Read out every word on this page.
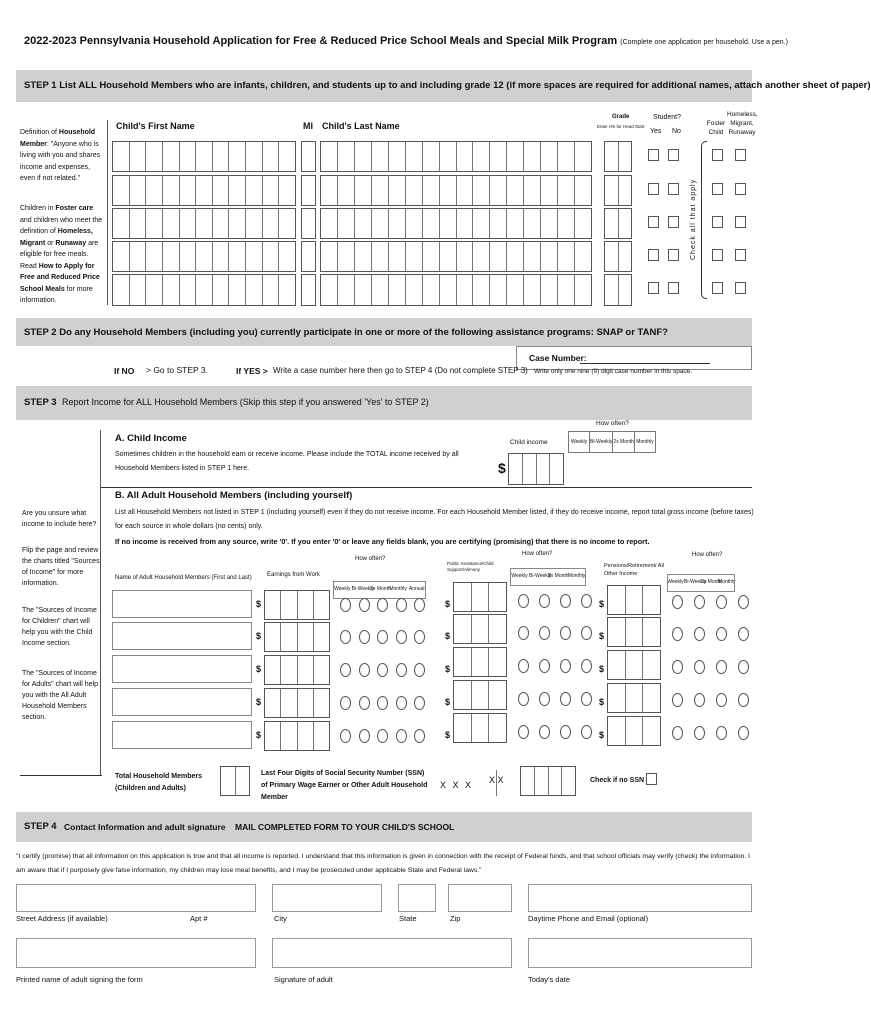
2022-2023 Pennsylvania Household Application for Free & Reduced Price School Meals and Special Milk Program (Complete one application per household. Use a pen.)
STEP 1 List ALL Household Members who are infants, children, and students up to and including grade 12 (if more spaces are required for additional names, attach another sheet of paper)
Definition of Household Member: "Anyone who is living with you and shares income and expenses, even if not related."
Children in Foster care and children who meet the definition of Homeless, Migrant or Runaway are eligible for free meals. Read How to Apply for Free and Reduced Price School Meals for more information.
Child's First Name	MI Child's Last Name
Grade
Enter HS for Head Start
Student?
Yes No
Foster Child
Homeless, Migrant, Runaway
Check all that apply
STEP 2 Do any Household Members (including you) currently participate in one or more of the following assistance programs: SNAP or TANF?
Case Number:
If NO > Go to STEP 3.	If YES > Write a case number here then go to STEP 4 (Do not complete STEP 3) Write only one nine (9) digit case number in this space.
STEP 3 Report Income for ALL Household Members (Skip this step if you answered 'Yes' to STEP 2)
A. Child Income
Sometimes children in the household earn or receive income. Please include the TOTAL income received by all
Household Members listed in STEP 1 here.
Child income
How often?
$
Weekly Bi-Weekly 2x Month Monthly
B. All Adult Household Members (including yourself)
List all Household Members not listed in STEP 1 (including yourself) even if they do not receive income. For each Household Member listed, if they do receive income, report total gross income (before taxes)
for each source in whole dollars (no cents) only.
If no income is received from any source, write '0'. If you enter '0' or leave any fields blank, you are certifying (promising) that there is no income to report.
Are you unsure what income to include here?
Flip the page and review the charts titled "Sources of Income" for more information.
The "Sources of Income for Children" chart will help you with the Child Income section.
The "Sources of Income for Adults" chart will help you with the All Adult Household Members section.
Name of Adult Household Members (First and Last)	Earnings from Work
How often?
Public Assistance/Child Support/Alimony
How often?
Pensions/Retirement/ All Other Income
How often?
Weekly Bi-Weekly
2x Month
Monthly Annual
Weekly Bi-Weekly
2x Month Monthly
Weekly Bi-Weekly
2x Month
Monthly
$	$	$
$	$	$
$	$	$
$	$	$
$	$	$
Total Household Members (Children and Adults)
Last Four Digits of Social Security Number (SSN) of Primary Wage Earner or Other Adult Household Member
X X X X X	Check if no SSN
STEP 4 Contact Information and adult signature MAIL COMPLETED FORM TO YOUR CHILD'S SCHOOL
"I certify (promise) that all information on this application is true and that all income is reported. I understand that this information is given in connection with the receipt of Federal funds, and that school officials may verify (check) the information. I am aware that if I purposely give false information, my children may lose meal benefits, and I may be prosecuted under applicable State and Federal laws."
Street Address (if available)	Apt #	City	State	Zip	Daytime Phone and Email (optional)
Printed name of adult signing the form	Signature of adult	Today's date
